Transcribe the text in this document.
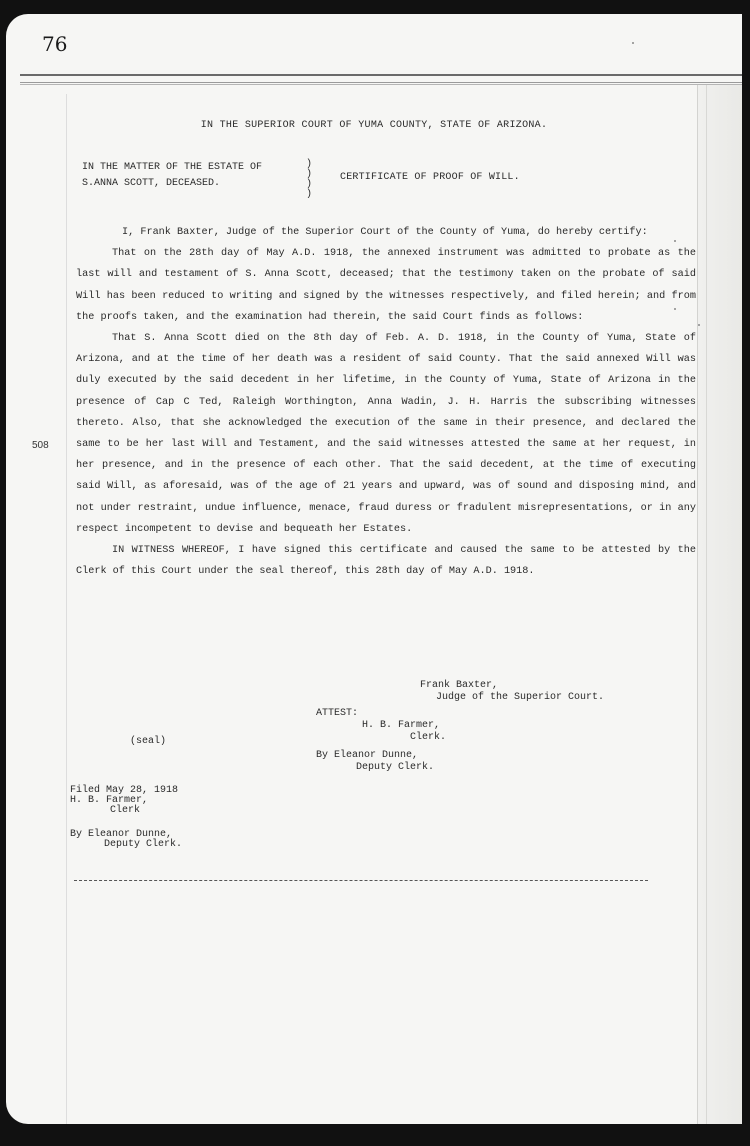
76
508
IN THE SUPERIOR COURT OF YUMA COUNTY, STATE OF ARIZONA.
IN THE MATTER OF THE ESTATE OF
S.ANNA SCOTT, DECEASED.
)
)
)
)
CERTIFICATE OF PROOF OF WILL.

I, Frank Baxter, Judge of the Superior Court of the County of Yuma, do hereby certify:

That on the 28th day of May A.D. 1918, the annexed instrument was admitted to probate as the last will and testament of S. Anna Scott, deceased; that the testimony taken on the probate of said Will has been reduced to writing and signed by the witnesses respectively, and filed herein; and from the proofs taken, and the examination had therein, the said Court finds as follows:

That S. Anna Scott died on the 8th day of Feb. A. D. 1918, in the County of Yuma, State of Arizona, and at the time of her death was a resident of said County. That the said annexed Will was duly executed by the said decedent in her lifetime, in the County of Yuma, State of Arizona in the presence of Cap C Ted, Raleigh Worthington, Anna Wadin, J. H. Harris the subscribing witnesses thereto. Also, that she acknowledged the execution of the same in their presence, and declared the same to be her last Will and Testament, and the said witnesses attested the same at her request, in her presence, and in the presence of each other. That the said decedent, at the time of executing said Will, as aforesaid, was of the age of 21 years and upward, was of sound and disposing mind, and not under restraint, undue influence, menace, fraud duress or fradulent misrepresentations, or in any respect incompetent to devise and bequeath her Estates.

IN WITNESS WHEREOF, I have signed this certificate and caused the same to be attested by the Clerk of this Court under the seal thereof, this 28th day of May A.D. 1918.

Frank Baxter,
Judge of the Superior Court.
ATTEST:
H. B. Farmer,
Clerk.
(seal)
By Eleanor Dunne,
Deputy Clerk.
Filed May 28, 1918
H. B. Farmer,
Clerk
By Eleanor Dunne,
Deputy Clerk.
